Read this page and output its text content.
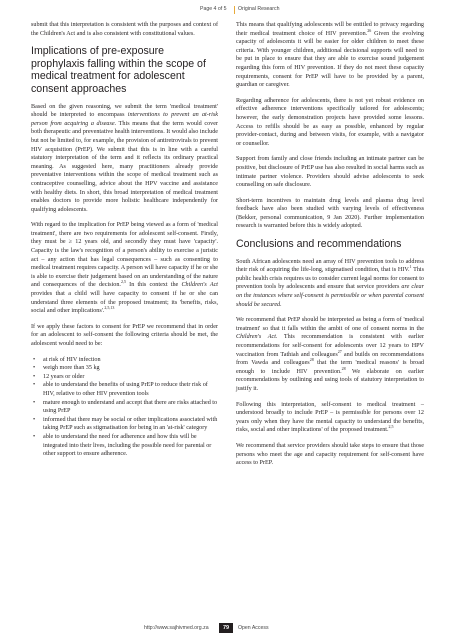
Page 4 of 5 Original Research

submit that this interpretation is consistent with the purposes and context of the Children's Act and is also consistent with constitutional values.

Implications of pre-exposure prophylaxis falling within the scope of medical treatment for adolescent consent approaches

Based on the given reasoning, we submit the term 'medical treatment' should be interpreted to encompass interventions to prevent an at-risk person from acquiring a disease. This means that the term would cover both therapeutic and preventative health interventions. It would also include but not be limited to, for example, the provision of antiretrovirals to prevent HIV acquisition (PrEP). We submit that this is in line with a careful statutory interpretation of the term and it reflects its ordinary practical meaning. As suggested here, many practitioners already provide preventative interventions within the scope of medical treatment such as contraceptive counselling, advice about the HPV vaccine and assistance with healthy diets. In short, this broad interpretation of medical treatment enables doctors to provide more holistic healthcare independently for qualifying adolescents.

With regard to the implication for PrEP being viewed as a form of 'medical treatment', there are two requirements for adolescent self-consent. Firstly, they must be ≥ 12 years old, and secondly they must have 'capacity'. Capacity is the law's recognition of a person's ability to exercise a juristic act – any action that has legal consequences – such as consenting to medical treatment requires capacity. A person will have capacity if he or she is able to exercise their judgement based on an understanding of the nature and consequences of the decision.$^{2,5}$ In this context the Children's Act provides that a child will have capacity to consent if he or she can understand three elements of the proposed treatment; its 'benefits, risks, social and other implications'.$^{2,5,13}$

If we apply these factors to consent for PrEP we recommend that in order for an adolescent to self-consent the following criteria should be met, the adolescent would need to be:

• at risk of HIV infection
• weigh more than 35 kg
• 12 years or older
• able to understand the benefits of using PrEP to reduce their risk of HIV, relative to other HIV prevention tools
• mature enough to understand and accept that there are risks attached to using PrEP
• informed that there may be social or other implications associated with taking PrEP such as stigmatisation for being in an 'at-risk' category
• able to understand the need for adherence and how this will be integrated into their lives, including the possible need for parental or other support to ensure adherence.

This means that qualifying adolescents will be entitled to privacy regarding their medical treatment choice of HIV prevention.$^{26}$ Given the evolving capacity of adolescents it will be easier for older children to meet these criteria. With younger children, additional decisional supports will need to be put in place to ensure that they are able to exercise sound judgement regarding this form of HIV prevention. If they do not meet these capacity requirements, consent for PrEP will have to be provided by a parent, guardian or caregiver.

Regarding adherence for adolescents, there is not yet robust evidence on effective adherence interventions specifically tailored for adolescents; however, the early demonstration projects have provided some lessons. Access to refills should be as easy as possible, enhanced by regular provider-contact, during and between visits, for example, with a navigator or counsellor.

Support from family and close friends including an intimate partner can be positive, but disclosure of PrEP use has also resulted in social harms such as intimate partner violence. Providers should advise adolescents to seek counselling on safe disclosure.

Short-term incentives to maintain drug levels and plasma drug level feedback have also been studied with varying levels of effectiveness (Bekker, personal communication, 9 Jan 2020). Further implementation research is warranted before this is widely adopted.

Conclusions and recommendations

South African adolescents need an array of HIV prevention tools to address their risk of acquiring the life-long, stigmatised condition, that is HIV.$^1$ This public health crisis requires us to consider current legal norms for consent to prevention tools by adolescents and ensure that service providers are clear on the instances where self-consent is permissible or when parental consent should be secured.

We recommend that PrEP should be interpreted as being a form of 'medical treatment' so that it falls within the ambit of one of consent norms in the Children's Act. This recommendation is consistent with earlier recommendations for self-consent for adolescents over 12 years to HPV vaccination from Tathiah and colleagues$^{27}$ and builds on recommendations from Vawda and colleagues$^{28}$ that the term 'medical reasons' is broad enough to include HIV prevention.$^{28}$ We elaborate on earlier recommendations by outlining and using tools of statutory interpretation to justify it.

Following this interpretation, self-consent to medical treatment – understood broadly to include PrEP – is permissible for persons over 12 years only when they have the mental capacity to understand the benefits, risks, social and other implications' of the proposed treatment.$^{2,5}$

We recommend that service providers should take steps to ensure that those persons who meet the age and capacity requirement for self-consent have access to PrEP.

http://www.sajhivmed.org.za	79	Open Access
